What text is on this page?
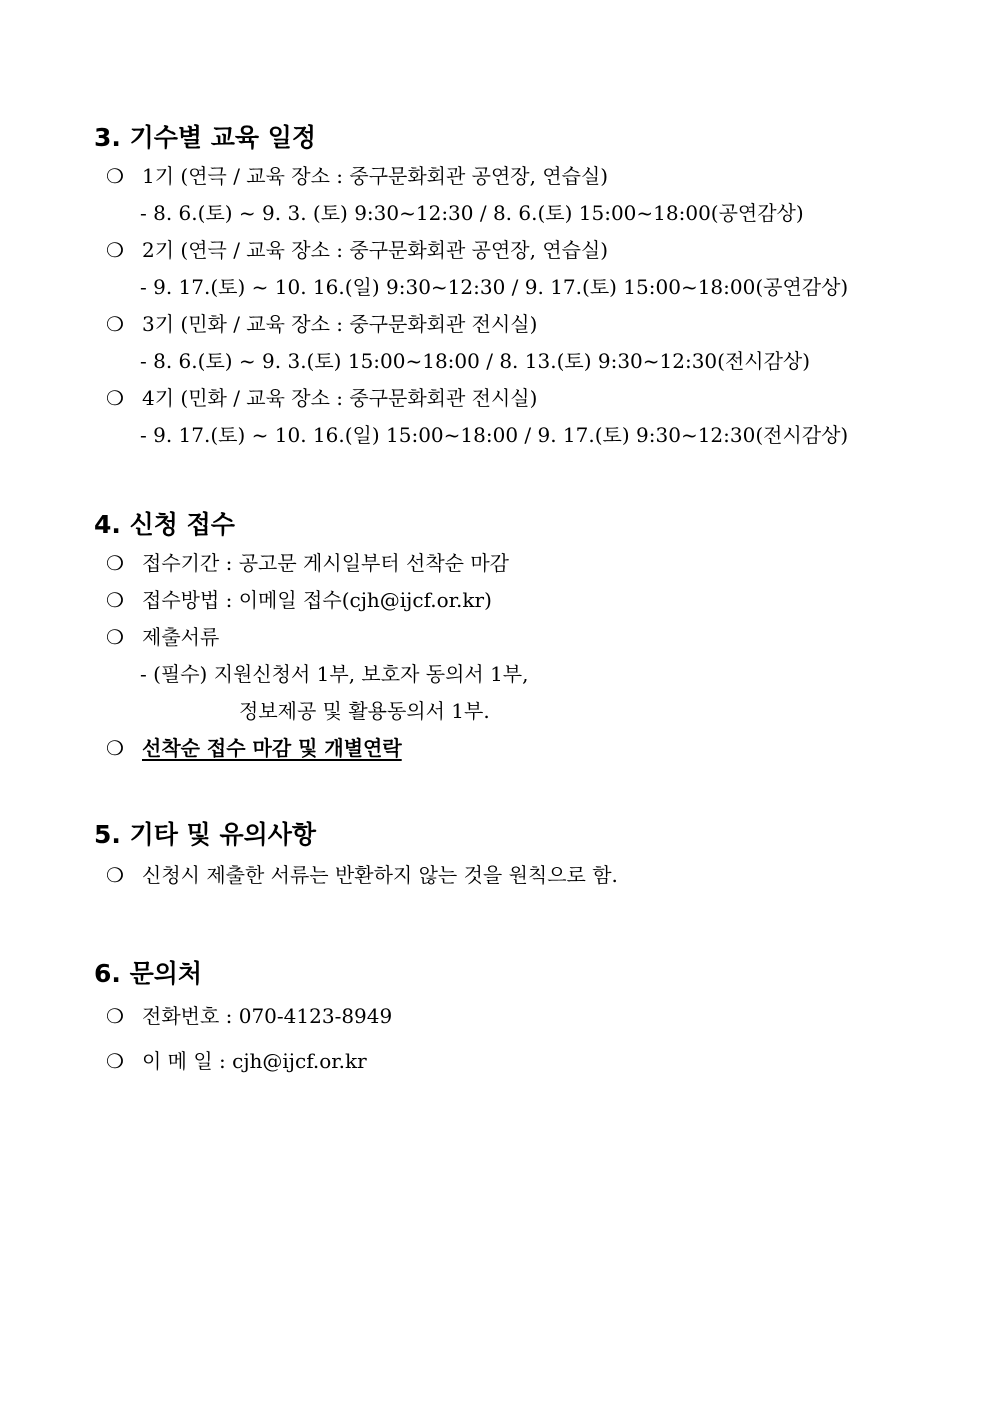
3. 기수별 교육 일정
❍ 1기 (연극 / 교육 장소 : 중구문화회관 공연장, 연습실)
- 8. 6.(토) ~ 9. 3. (토) 9:30~12:30 / 8. 6.(토) 15:00~18:00(공연감상)
❍ 2기 (연극 / 교육 장소 : 중구문화회관 공연장, 연습실)
- 9. 17.(토) ~ 10. 16.(일) 9:30~12:30 / 9. 17.(토) 15:00~18:00(공연감상)
❍ 3기 (민화 / 교육 장소 : 중구문화회관 전시실)
- 8. 6.(토) ~ 9. 3.(토) 15:00~18:00 / 8. 13.(토) 9:30~12:30(전시감상)
❍ 4기 (민화 / 교육 장소 : 중구문화회관 전시실)
- 9. 17.(토) ~ 10. 16.(일) 15:00~18:00 / 9. 17.(토) 9:30~12:30(전시감상)
4. 신청 접수
❍ 접수기간 : 공고문 게시일부터 선착순 마감
❍ 접수방법 : 이메일 접수(cjh@ijcf.or.kr)
❍ 제출서류
- (필수) 지원신청서 1부, 보호자 동의서 1부,
정보제공 및 활용동의서 1부.
❍ 선착순 접수 마감 및 개별연락
5. 기타 및 유의사항
❍ 신청시 제출한 서류는 반환하지 않는 것을 원칙으로 함.
6. 문의처
❍ 전화번호 : 070-4123-8949
❍ 이 메 일 : cjh@ijcf.or.kr
